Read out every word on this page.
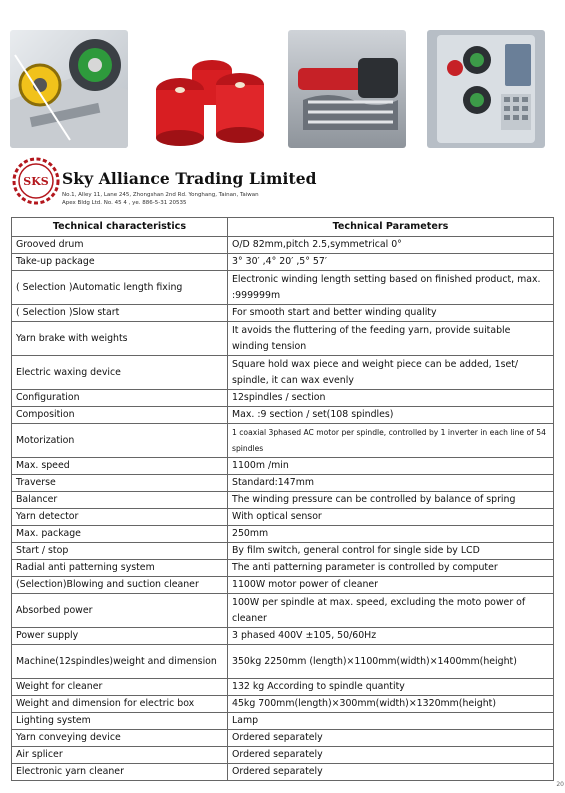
SKS Sky Alliance Trading Limited
No.1, Alley 11, Lane 245, Zhongshan 2nd Rd. Yonghang, Tainan, Taiwan
Apex Bldg Ltd. No. 45 4 , ye. 886-5-31 20535
Technical characteristics	Technical Parameters
Grooved drum	O/D 82mm,pitch 2.5,symmetrical 0°
Take-up package	3° 30′ ,4° 20′ ,5° 57′
( Selection )Automatic length fixing	Electronic winding length setting based on finished product, max. :999999m
( Selection )Slow start	For smooth start and better winding quality
Yarn brake with weights	It avoids the fluttering of the feeding yarn, provide suitable winding tension
Electric waxing device	Square hold wax piece and weight piece can be added, 1set/ spindle, it can wax evenly
Configuration	12spindles / section
Composition	Max. :9 section / set(108 spindles)
Motorization	1 coaxial 3phased AC motor per spindle, controlled by 1 inverter in each line of 54 spindles
Max. speed	1100m /min
Traverse	Standard:147mm
Balancer	The winding pressure can be controlled by balance of spring
Yarn detector	With optical sensor
Max. package	250mm
Start / stop	By film switch, general control for single side by LCD
Radial anti patterning system	The anti patterning parameter is controlled by computer
(Selection)Blowing and suction cleaner	1100W motor power of cleaner
Absorbed power	100W per spindle at max. speed, excluding the moto power of cleaner
Power supply	3 phased 400V ±105, 50/60Hz
Machine(12spindles)weight and dimension	350kg 2250mm (length)×1100mm(width)×1400mm(height)
Weight for cleaner	132 kg According to spindle quantity
Weight and dimension for electric box	45kg 700mm(length)×300mm(width)×1320mm(height)
Lighting system	Lamp
Yarn conveying device	Ordered separately
Air splicer	Ordered separately
Electronic yarn cleaner	Ordered separately
20
